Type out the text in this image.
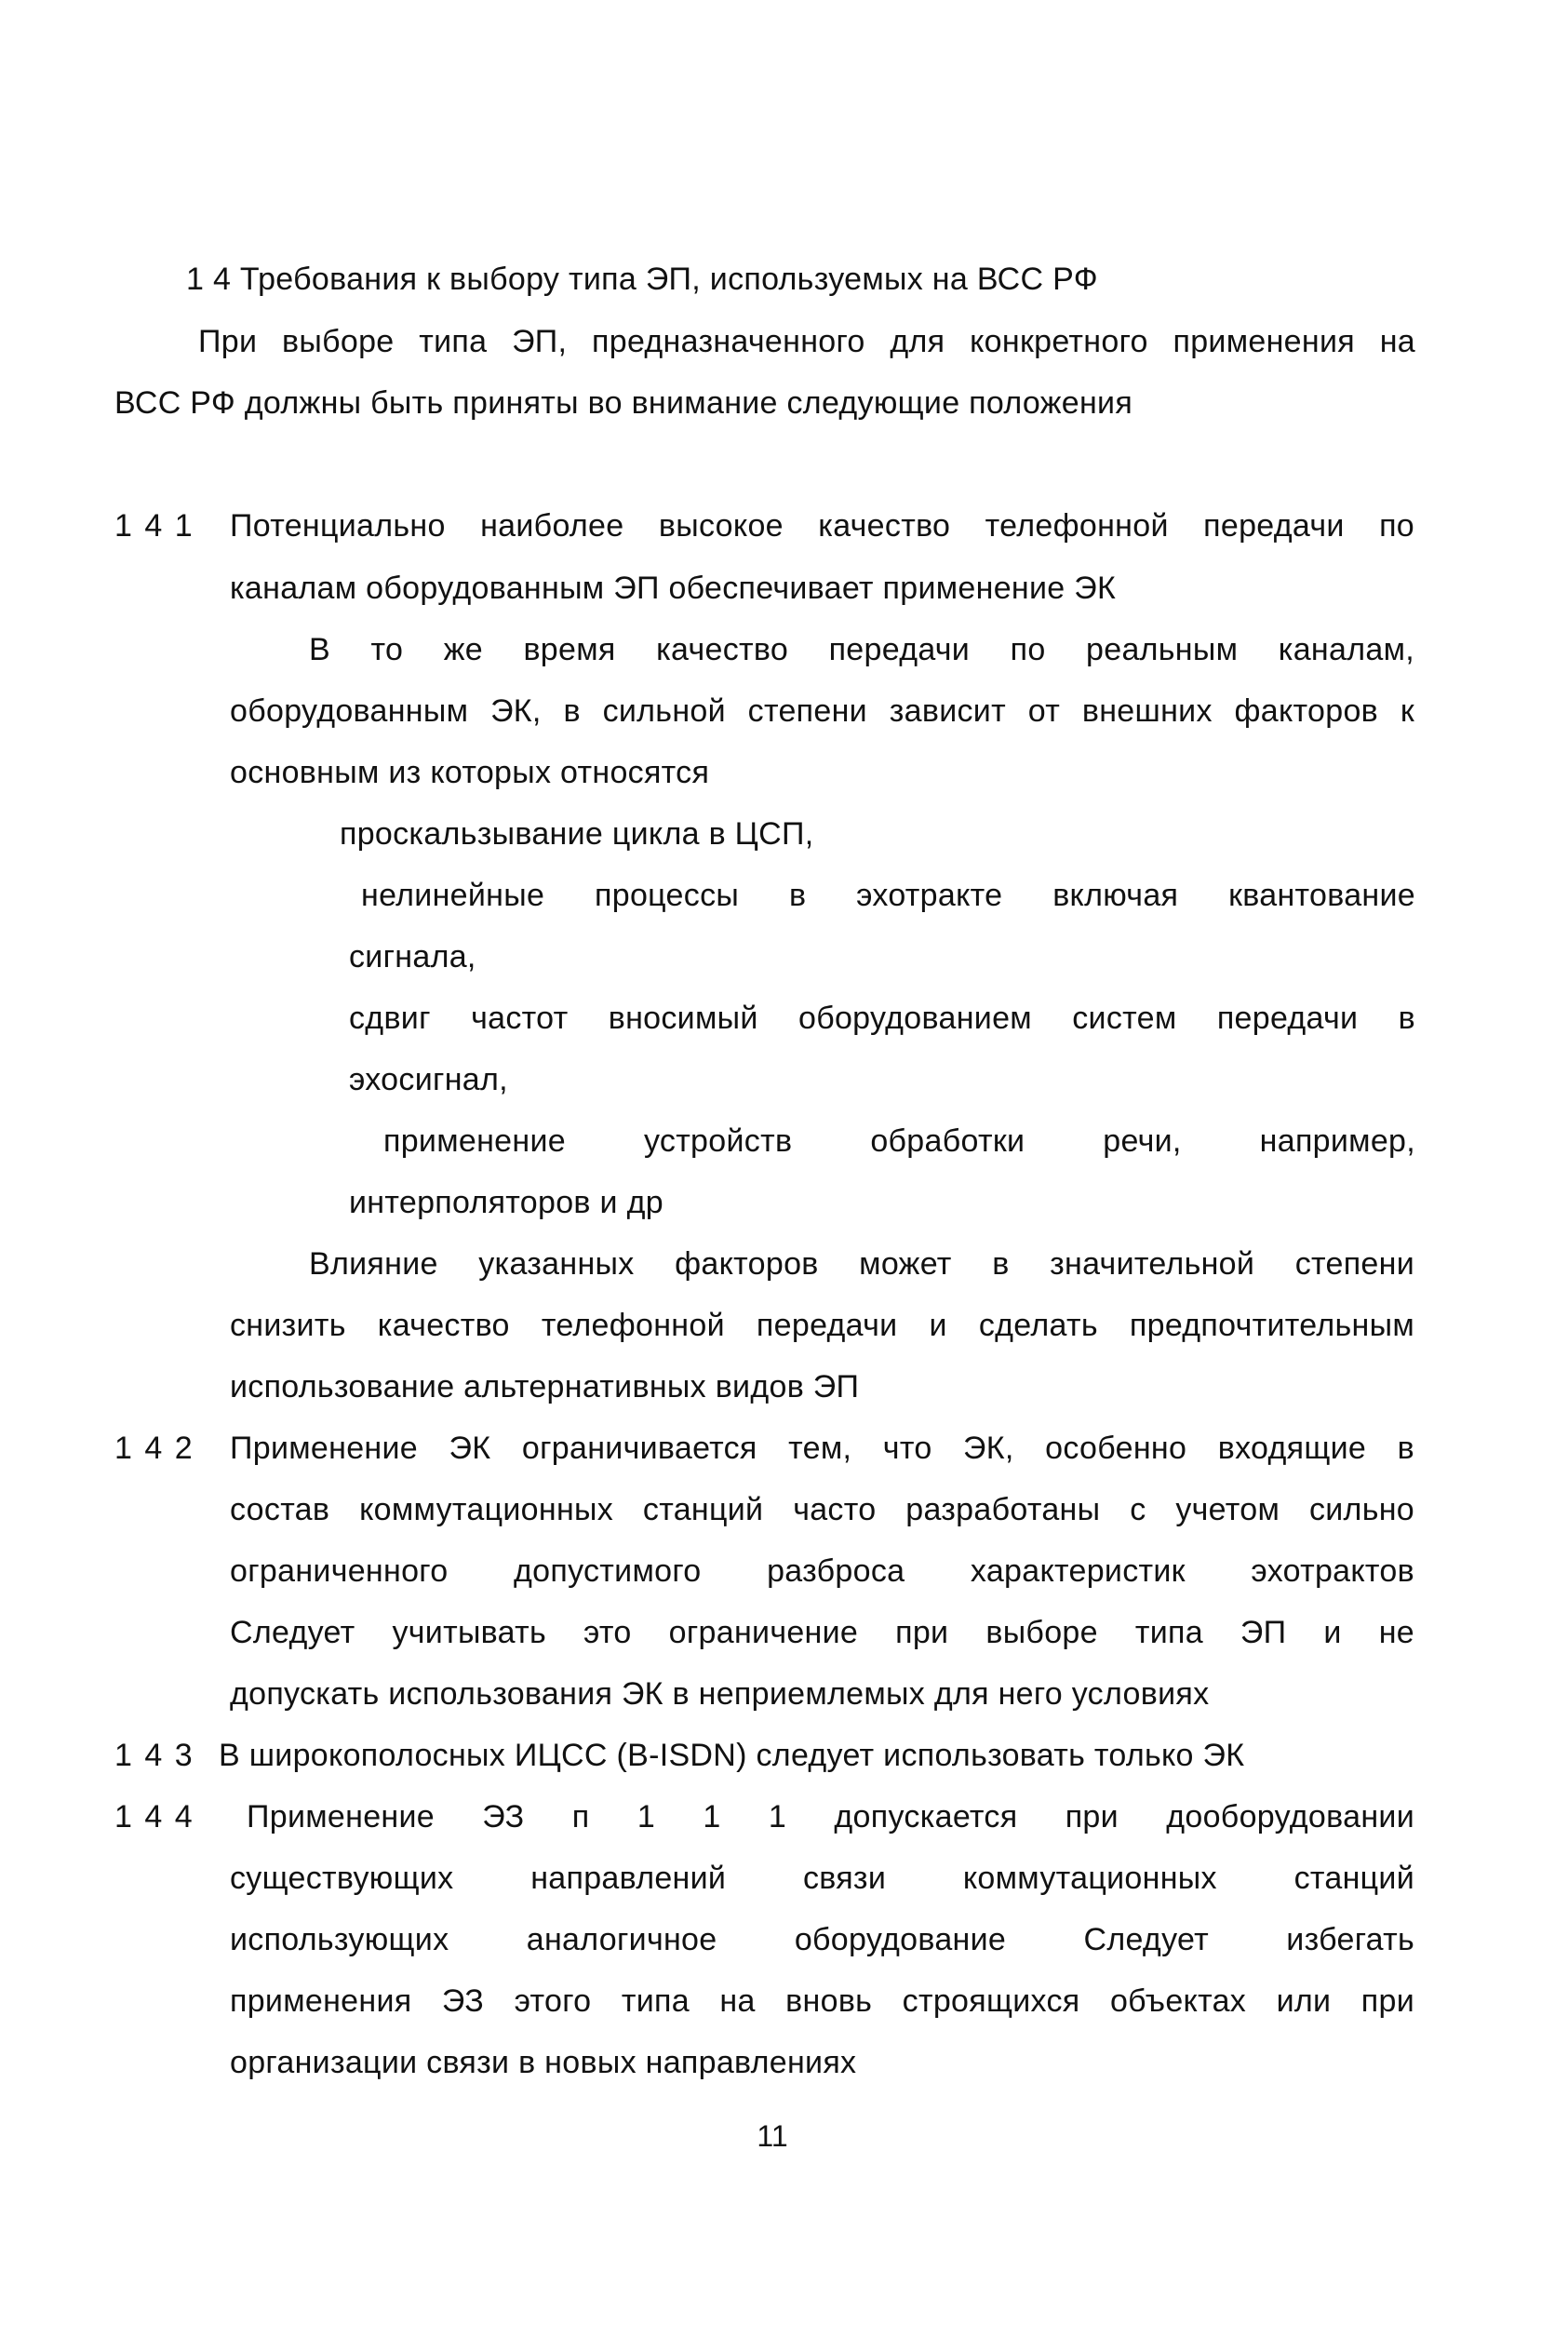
1 4 Требования к выбору типа ЭП, используемых на ВСС РФ

При выборе типа ЭП, предназначенного для конкретного применения на

ВСС РФ должны быть приняты во внимание следующие положения

1 4 1 Потенциально наиболее высокое качество телефонной передачи по

каналам оборудованным ЭП обеспечивает применение ЭК

В то же время качество передачи по реальным каналам,

оборудованным ЭК, в сильной степени зависит от внешних факторов к

основным из которых относятся

проскальзывание цикла в ЦСП,

нелинейные процессы в эхотракте включая квантование

сигнала,

сдвиг частот вносимый оборудованием систем передачи в

эхосигнал,

применение устройств обработки речи, например,

интерполяторов и др

Влияние указанных факторов может в значительной степени

снизить качество телефонной передачи и сделать предпочтительным

использование альтернативных видов ЭП

1 4 2 Применение ЭК ограничивается тем, что ЭК, особенно входящие в

состав коммутационных станций часто разработаны с учетом сильно

ограниченного допустимого разброса характеристик эхотрактов

Следует учитывать это ограничение при выборе типа ЭП и не

допускать использования ЭК в неприемлемых для него условиях

1 4 3 В широкополосных ИЦСС (B-ISDN) следует использовать только ЭК

1 4 4 Применение ЭЗ п 1 1 1 допускается при дооборудовании

существующих направлений связи коммутационных станций

использующих аналогичное оборудование Следует избегать

применения ЭЗ этого типа на вновь строящихся объектах или при

организации связи в новых направлениях

11
